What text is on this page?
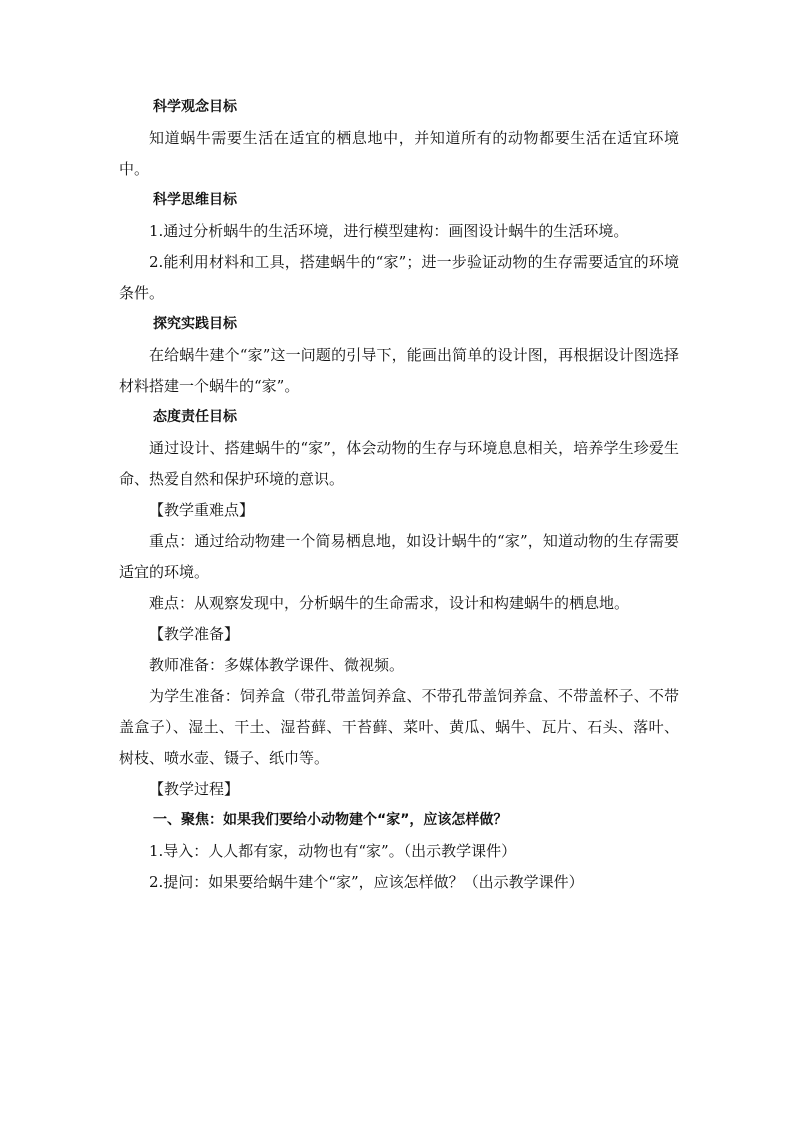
科学观念目标

知道蜗牛需要生活在适宜的栖息地中，并知道所有的动物都要生活在适宜环境中。

科学思维目标

1.通过分析蜗牛的生活环境，进行模型建构：画图设计蜗牛的生活环境。

2.能利用材料和工具，搭建蜗牛的“家”；进一步验证动物的生存需要适宜的环境条件。

探究实践目标

在给蜗牛建个“家”这一问题的引导下，能画出简单的设计图，再根据设计图选择材料搭建一个蜗牛的“家”。

态度责任目标

通过设计、搭建蜗牛的“家”，体会动物的生存与环境息息相关，培养学生珍爱生命、热爱自然和保护环境的意识。

【教学重难点】

重点：通过给动物建一个简易栖息地，如设计蜗牛的“家”，知道动物的生存需要适宜的环境。

难点：从观察发现中，分析蜗牛的生命需求，设计和构建蜗牛的栖息地。

【教学准备】

教师准备：多媒体教学课件、微视频。

为学生准备：饲养盒（带孔带盖饲养盒、不带孔带盖饲养盒、不带盖杯子、不带盖盒子）、湿土、干土、湿苔藓、干苔藓、菜叶、黄瓜、蜗牛、瓦片、石头、落叶、树枝、喷水壶、镊子、纸巾等。

【教学过程】

一、聚焦：如果我们要给小动物建个“家”，应该怎样做？

1.导入：人人都有家，动物也有“家”。（出示教学课件）

2.提问：如果要给蜗牛建个“家”，应该怎样做？（出示教学课件）
